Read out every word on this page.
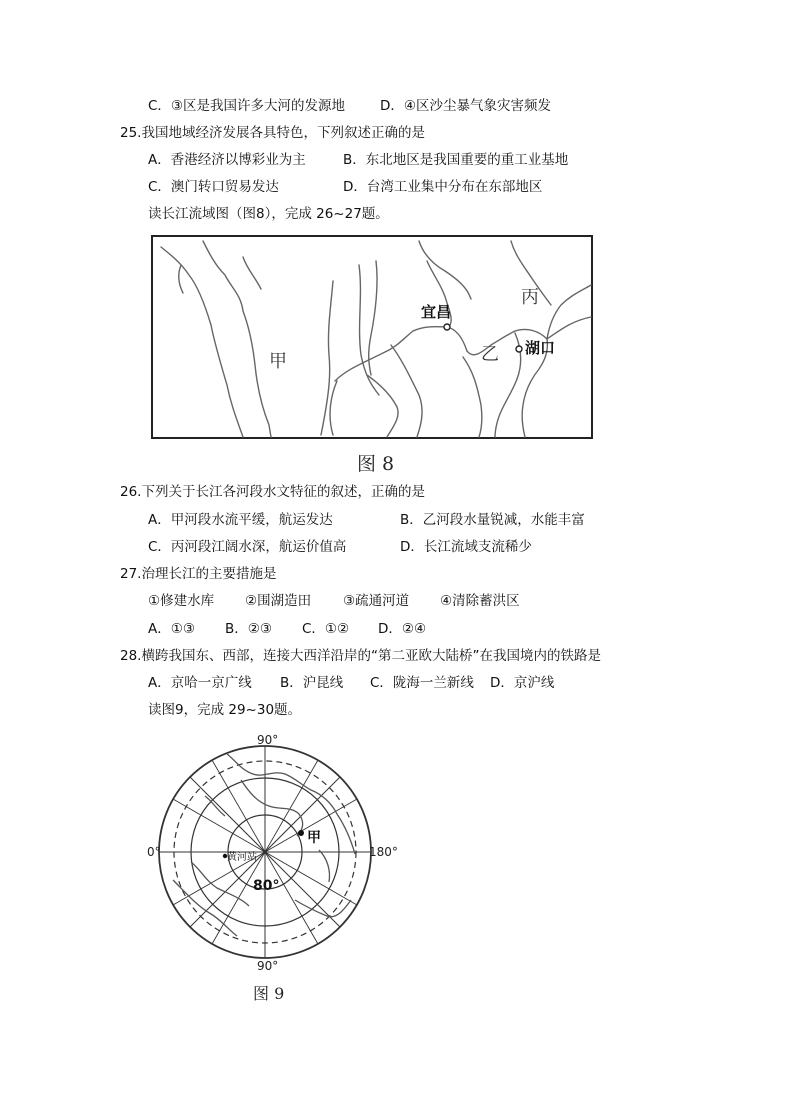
C．③区是我国许多大河的发源地	D．④区沙尘暴气象灾害频发
25.我国地域经济发展各具特色，下列叙述正确的是
A．香港经济以博彩业为主	B．东北地区是我国重要的重工业基地
C．澳门转口贸易发达	D．台湾工业集中分布在东部地区
读长江流域图（图8），完成 26~27题。
甲	乙
丙
宜昌
湖口
图 8
26.下列关于长江各河段水文特征的叙述，正确的是
A．甲河段水流平缓，航运发达	B．乙河段水量锐减，水能丰富
C．丙河段江阔水深，航运价值高	D．长江流域支流稀少
27.治理长江的主要措施是
①修建水库 ②围湖造田 ③疏通河道 ④清除蓄洪区
A．①③ B．②③ C．①② D．②④
28.横跨我国东、西部，连接大西洋沿岸的“第二亚欧大陆桥”在我国境内的铁路是
A．京哈一京广线 B．沪昆线 C．陇海一兰新线 D．京沪线
读图9，完成 29~30题。
90°
90°
0°	180°
80°
黄河站
甲
图 9
